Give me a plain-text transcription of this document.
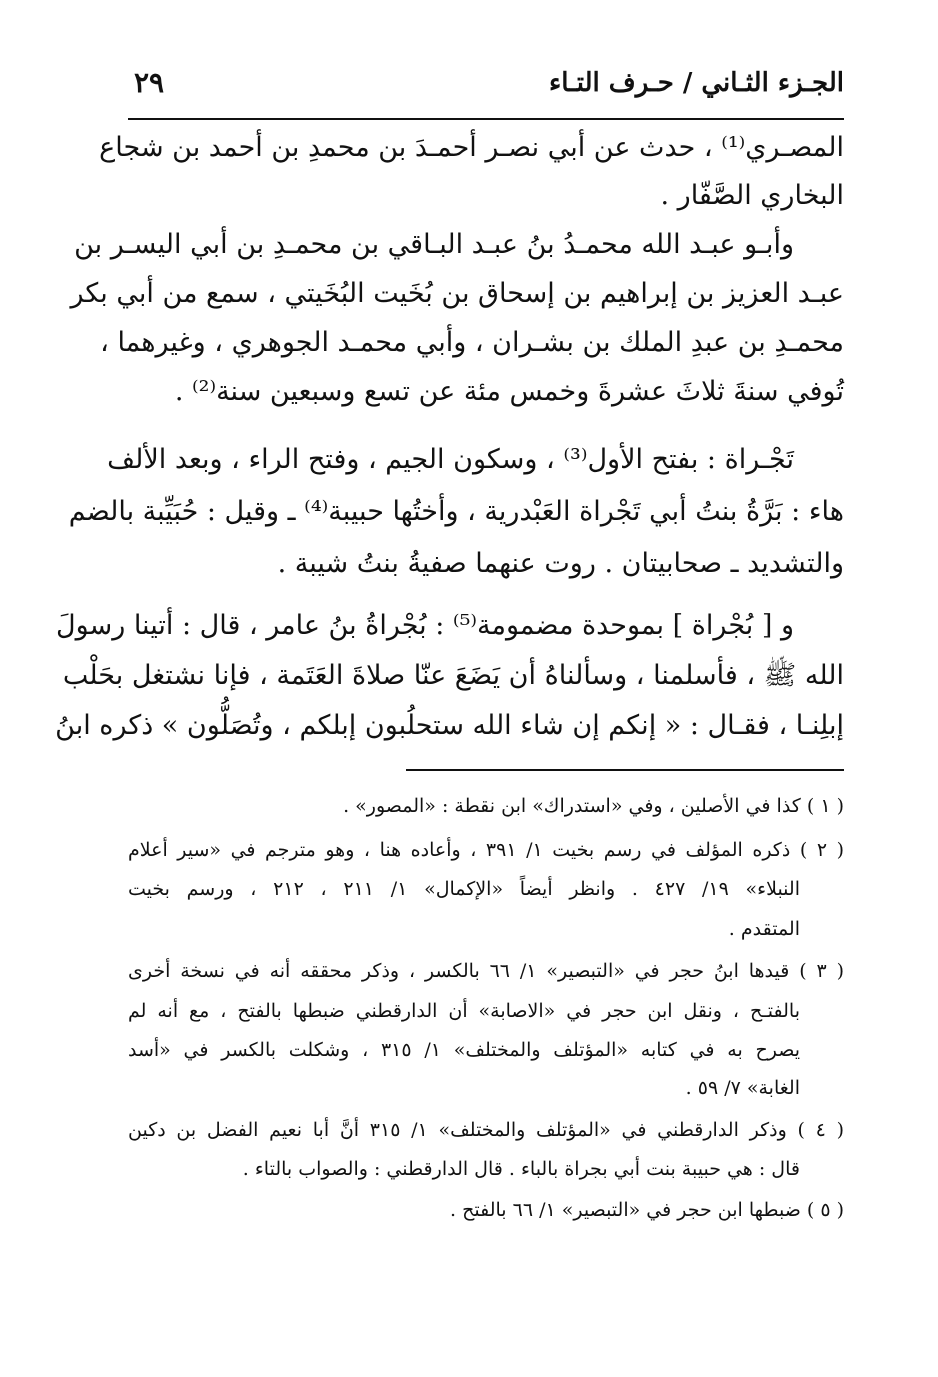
الجـزء الثـاني / حـرف التـاء
٢٩
المصـري⁽¹⁾ ، حدث عن أبي نصـر أحمـدَ بن محمدِ بن أحمد بن شجاع
البخاري الصَّفّار .
وأبـو عبـد الله محمـدُ بنُ عبـد البـاقي بن محمـدِ بن أبي اليسـر بن
عبـد العزيز بن إبراهيم بن إسحاق بن بُخَيت البُخَيتي ، سمع من أبي بكر
محمـدِ بن عبدِ الملك بن بشـران ، وأبي محمـد الجوهري ، وغيرهما ،
تُوفي سنةَ ثلاثَ عشرةَ وخمس مئة عن تسع وسبعين سنة⁽²⁾ .
تَجْـراة : بفتح الأول⁽³⁾ ، وسكون الجيم ، وفتح الراء ، وبعد الألف
هاء : بَرَّةُ بنتُ أبي تَجْراة العَبْدرية ، وأختُها حبيبة⁽⁴⁾ ـ وقيل : حُبَيِّبة بالضم
والتشديد ـ صحابيتان . روت عنهما صفيةُ بنتُ شيبة .
و [ بُجْراة ] بموحدة مضمومة⁽⁵⁾ : بُجْراةُ بنُ عامر ، قال : أتينا رسولَ
الله ﷺ ، فأسلمنا ، وسألناهُ أن يَضَعَ عنّا صلاةَ العَتَمة ، فإنا نشتغل بحَلْب
إبلِنـا ، فقـال : « إنكم إن شاء الله ستحلُبون إبلكم ، وتُصَلُّون » ذكره ابنُ
( ١ ) كذا في الأصلين ، وفي «استدراك» ابن نقطة : «المصور» .
( ٢ ) ذكره المؤلف في رسم بخيت ١/ ٣٩١ ، وأعاده هنا ، وهو مترجم في «سير أعلام
النبلاء» ١٩/ ٤٢٧ . وانظر أيضاً «الإكمال» ١/ ٢١١ ، ٢١٢ ، ورسم بخيت
المتقدم .
( ٣ ) قيدها ابنُ حجر في «التبصير» ١/ ٦٦ بالكسر ، وذكر محققه أنه في نسخة أخرى
بالفتـح ، ونقل ابن حجر في «الاصابة» أن الدارقطني ضبطها بالفتح ، مع أنه لم
يصرح به في كتابه «المؤتلف والمختلف» ١/ ٣١٥ ، وشكلت بالكسر في «أسد
الغابة» ٧/ ٥٩ .
( ٤ ) وذكر الدارقطني في «المؤتلف والمختلف» ١/ ٣١٥ أنَّ أبا نعيم الفضل بن دكين
قال : هي حبيبة بنت أبي بجراة بالباء . قال الدارقطني : والصواب بالتاء .
( ٥ ) ضبطها ابن حجر في «التبصير» ١/ ٦٦ بالفتح .
